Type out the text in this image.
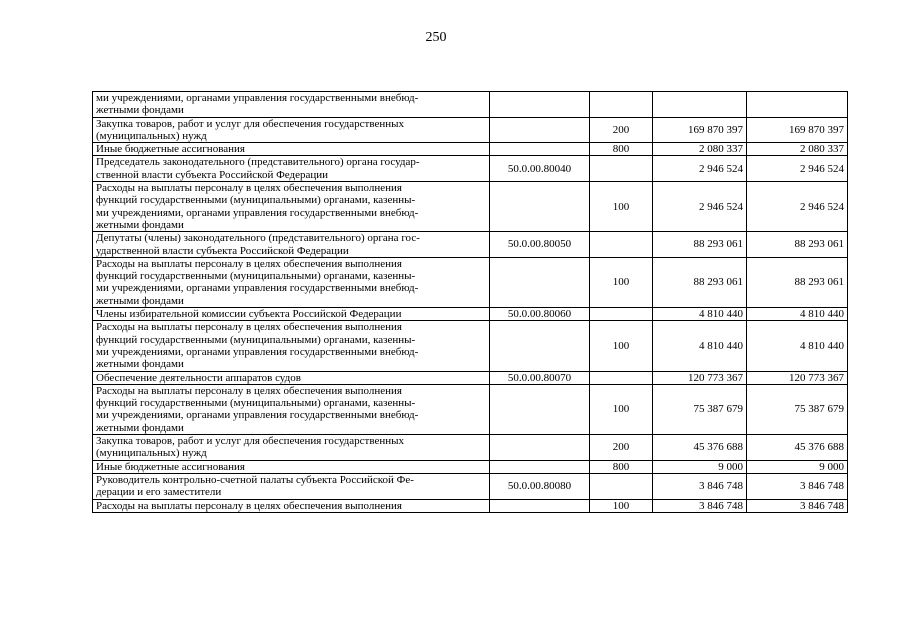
250
ми учреждениями, органами управления государственными внебюд-
жетными фондами				

Закупка товаров, работ и услуг для обеспечения государственных
(муниципальных) нужд		200	169 870 397	169 870 397

Иные бюджетные ассигнования		800	2 080 337	2 080 337

Председатель законодательного (представительного) органа государ-
ственной власти субъекта Российской Федерации	50.0.00.80040		2 946 524	2 946 524

Расходы на выплаты персоналу в целях обеспечения выполнения
функций государственными (муниципальными) органами, казенны-
ми учреждениями, органами управления государственными внебюд-
жетными фондами		100	2 946 524	2 946 524

Депутаты (члены) законодательного (представительного) органа гос-
ударственной власти субъекта Российской Федерации	50.0.00.80050		88 293 061	88 293 061

Расходы на выплаты персоналу в целях обеспечения выполнения
функций государственными (муниципальными) органами, казенны-
ми учреждениями, органами управления государственными внебюд-
жетными фондами		100	88 293 061	88 293 061

Члены избирательной комиссии субъекта Российской Федерации	50.0.00.80060		4 810 440	4 810 440

Расходы на выплаты персоналу в целях обеспечения выполнения
функций государственными (муниципальными) органами, казенны-
ми учреждениями, органами управления государственными внебюд-
жетными фондами		100	4 810 440	4 810 440

Обеспечение деятельности аппаратов судов	50.0.00.80070		120 773 367	120 773 367

Расходы на выплаты персоналу в целях обеспечения выполнения
функций государственными (муниципальными) органами, казенны-
ми учреждениями, органами управления государственными внебюд-
жетными фондами		100	75 387 679	75 387 679

Закупка товаров, работ и услуг для обеспечения государственных
(муниципальных) нужд		200	45 376 688	45 376 688

Иные бюджетные ассигнования		800	9 000	9 000

Руководитель контрольно-счетной палаты субъекта Российской Фе-
дерации и его заместители	50.0.00.80080		3 846 748	3 846 748

Расходы на выплаты персоналу в целях обеспечения выполнения		100	3 846 748	3 846 748
